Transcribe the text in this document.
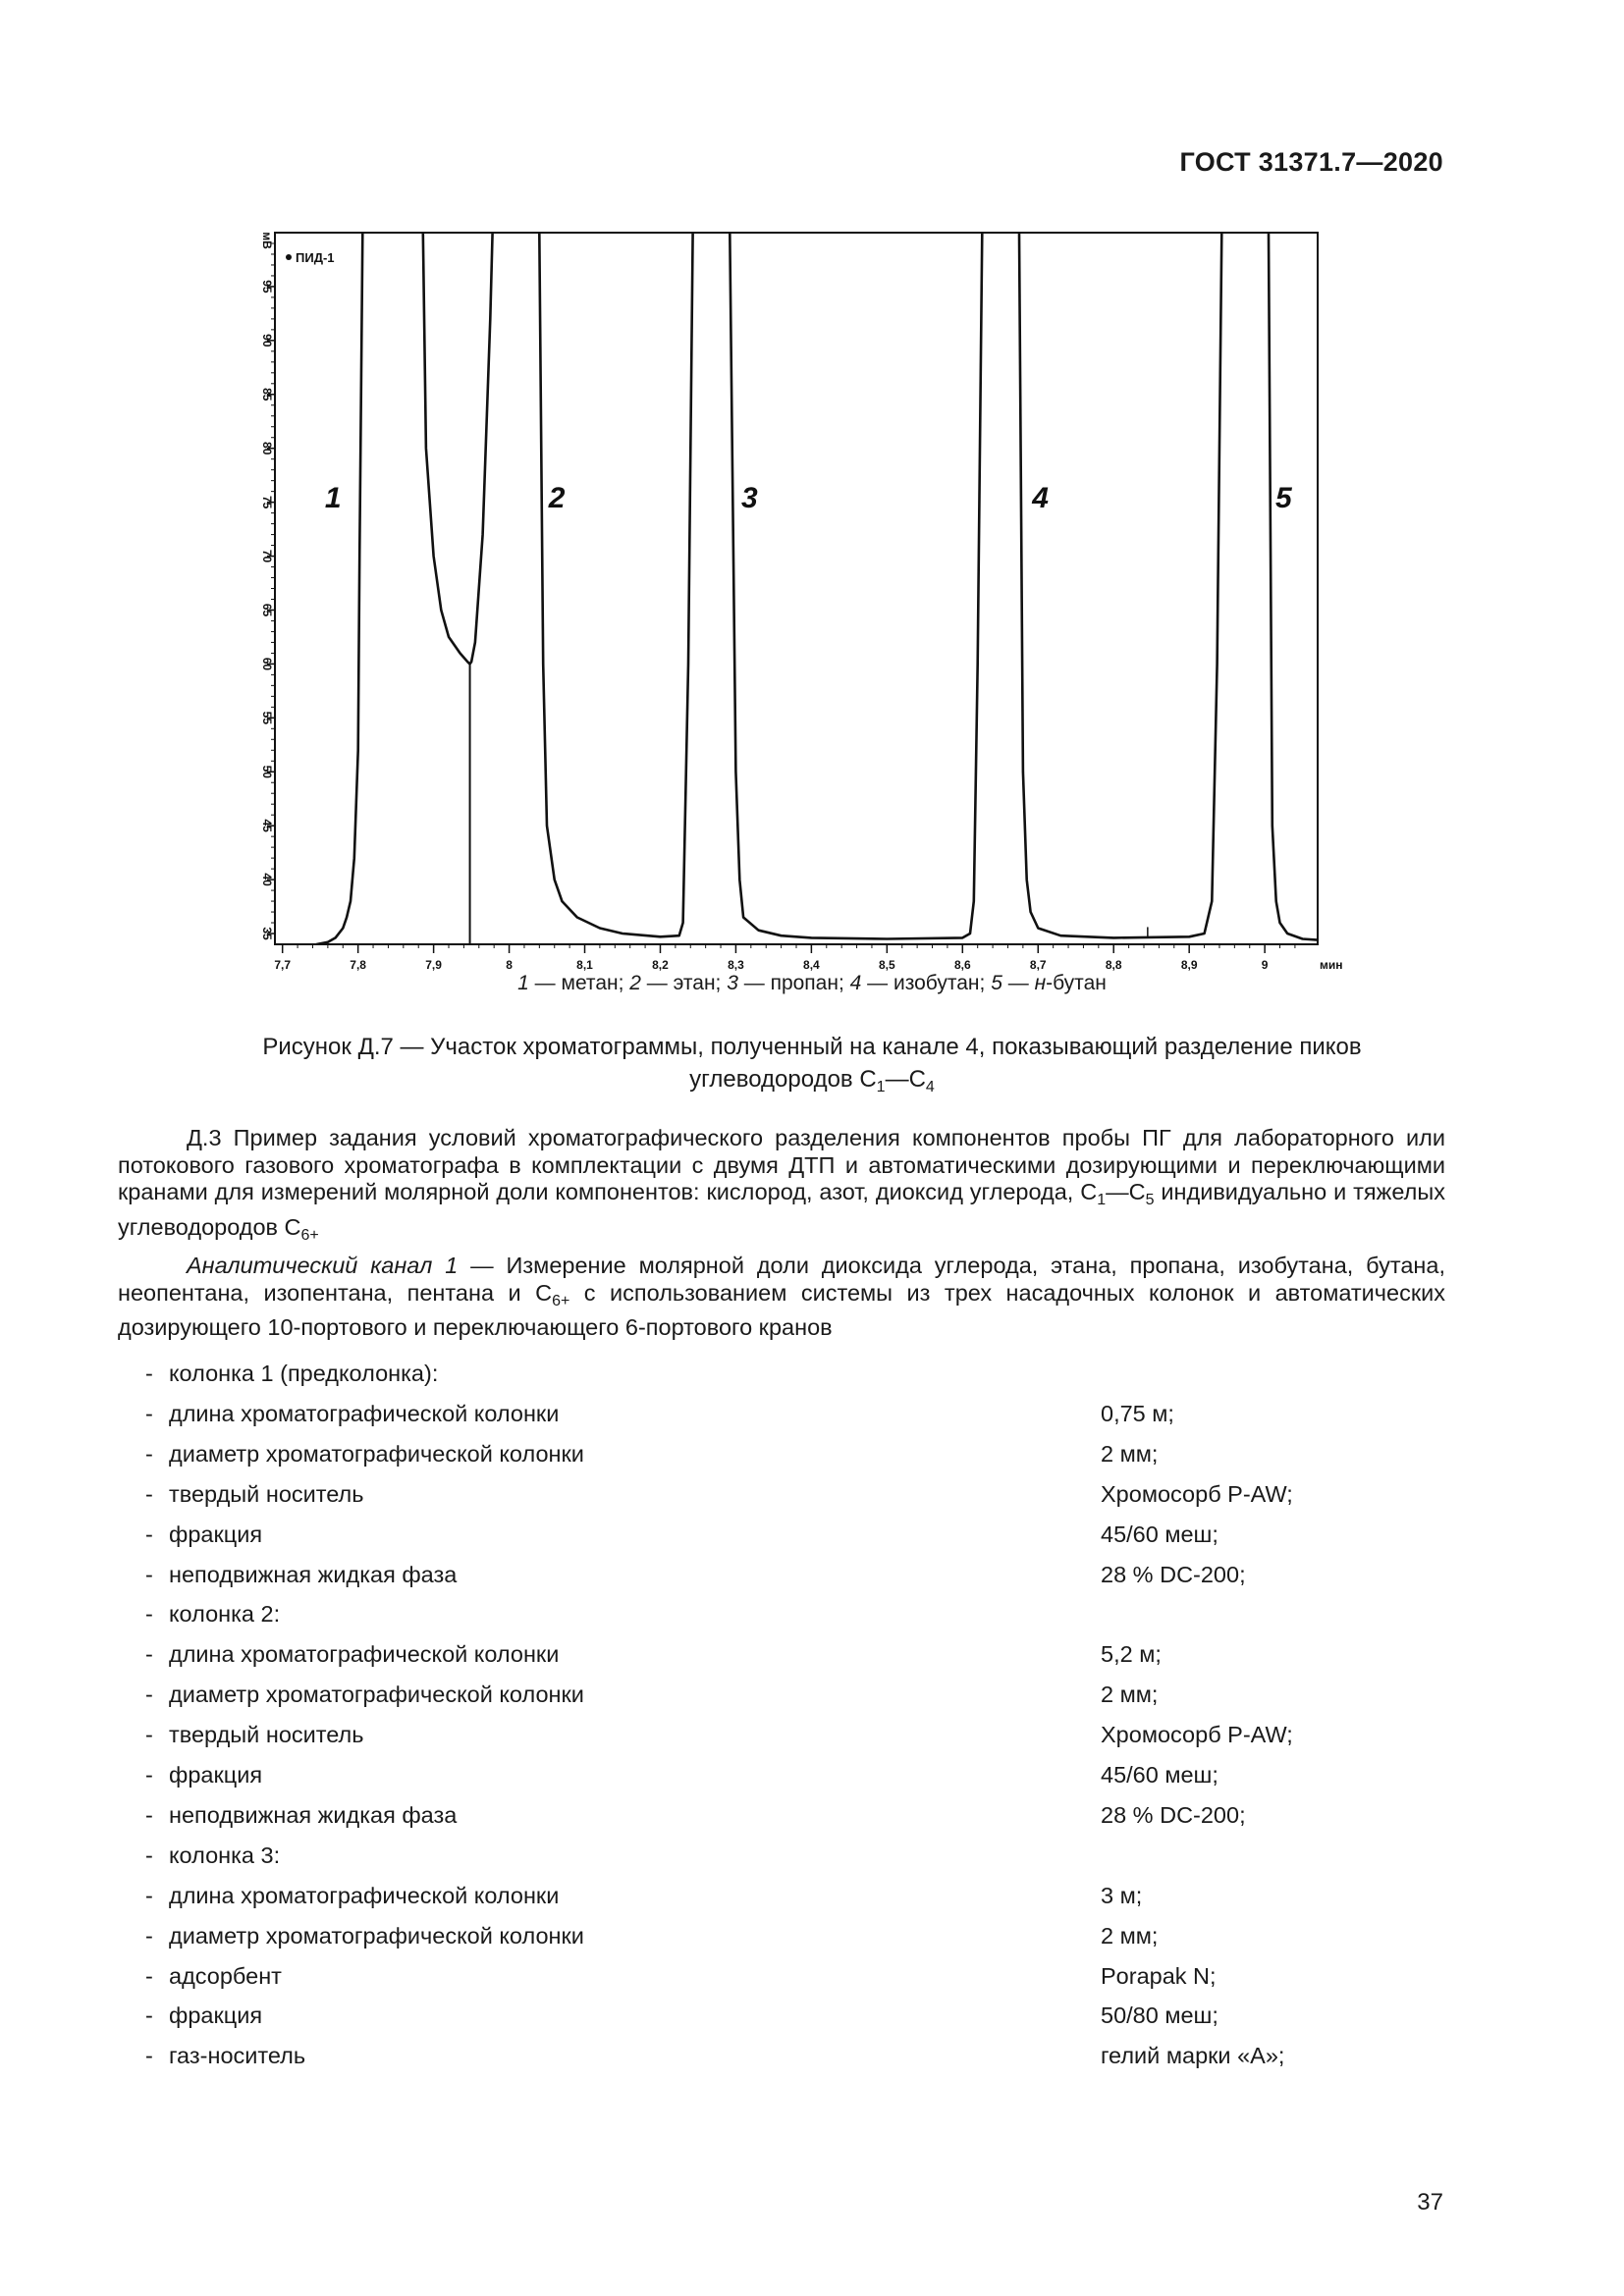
ГОСТ 31371.7—2020
7,7	7,8	7,9	8	8,1	8,2	8,3	8,4	8,5	8,6	8,7	8,8	8,9	9	мин
35
40
45
50
55
60
65
70
75
80
85
90
95
мВ
ПИД-1
1	2	3	4	5
1 — метан; 2 — этан; 3 — пропан; 4 — изобутан; 5 — н-бутан
Рисунок Д.7 — Участок хроматограммы, полученный на канале 4, показывающий разделение пиков
углеводородов $С_1—С_4$
Д.3 Пример задания условий хроматографического разделения компонентов пробы ПГ для лабораторного или потокового газового хроматографа в комплектации с двумя ДТП и автоматическими дозирующими и переключающими кранами для измерений молярной доли компонентов: кислород, азот, диоксид углерода, $С_1—С_5$ индивидуально и тяжелых углеводородов $С_{6+}$
Аналитический канал 1 — Измерение молярной доли диоксида углерода, этана, пропана, изобутана, бутана, неопентана, изопентана, пентана и $С_{6+}$ с использованием системы из трех насадочных колонок и автоматических дозирующего 10-портового и переключающего 6-портового кранов
- колонка 1 (предколонка):
- длина хроматографической колонки	0,75 м;
- диаметр хроматографической колонки	2 мм;
- твердый носитель	Хромосорб Р-AW;
- фракция	45/60 меш;
- неподвижная жидкая фаза	28 % DC-200;
- колонка 2:
- длина хроматографической колонки	5,2 м;
- диаметр хроматографической колонки	2 мм;
- твердый носитель	Хромосорб Р-AW;
- фракция	45/60 меш;
- неподвижная жидкая фаза	28 % DC-200;
- колонка 3:
- длина хроматографической колонки	3 м;
- диаметр хроматографической колонки	2 мм;
- адсорбент	Porapak N;
- фракция	50/80 меш;
- газ-носитель	гелий марки «А»;
37
